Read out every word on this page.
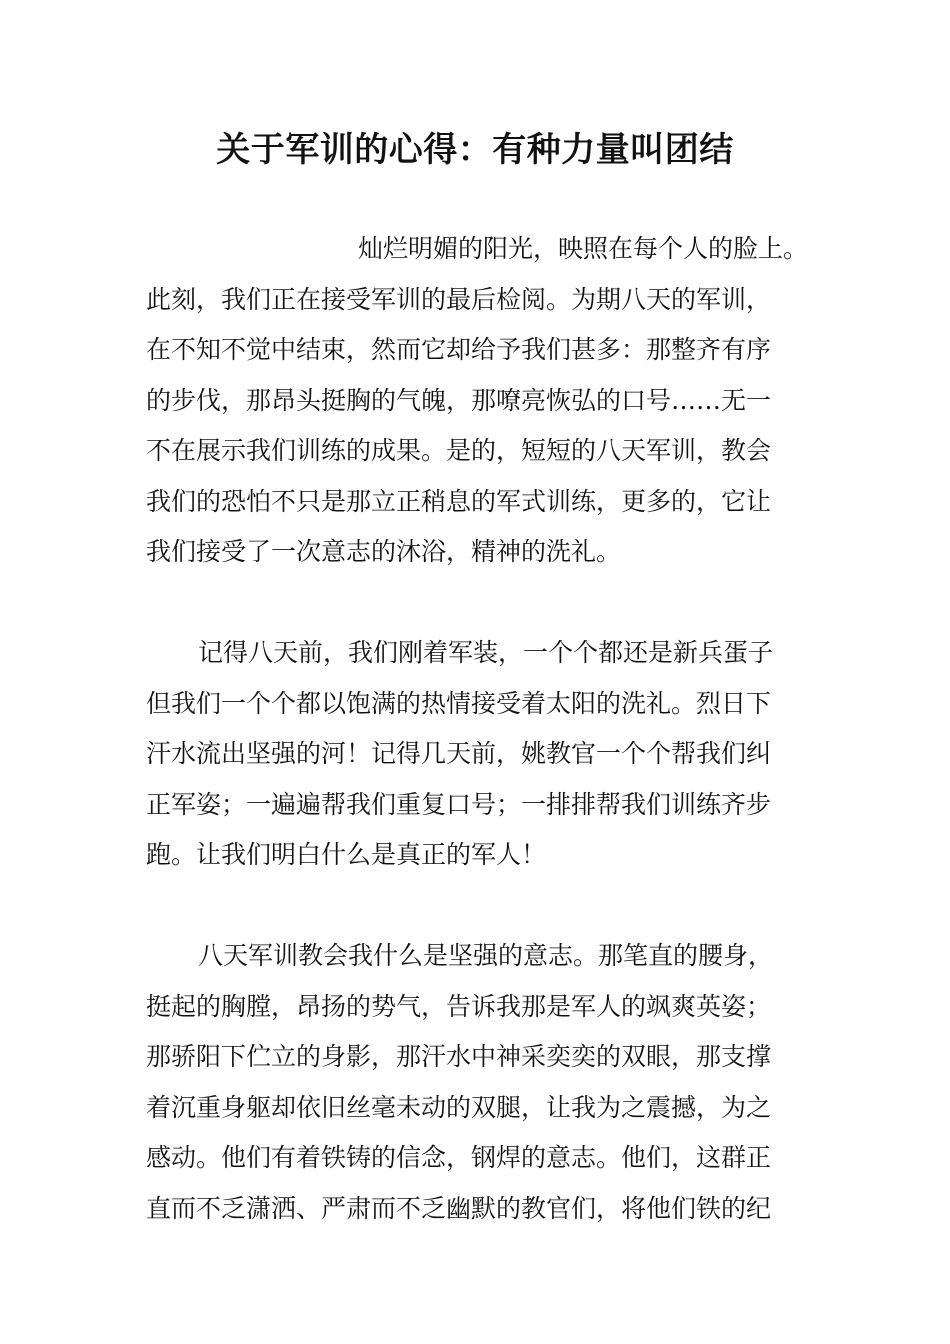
关于军训的心得：有种力量叫团结
灿烂明媚的阳光，映照在每个人的脸上。
此刻，我们正在接受军训的最后检阅。为期八天的军训，
在不知不觉中结束，然而它却给予我们甚多：那整齐有序
的步伐，那昂头挺胸的气魄，那嘹亮恢弘的口号……无一
不在展示我们训练的成果。是的，短短的八天军训，教会
我们的恐怕不只是那立正稍息的军式训练，更多的，它让
我们接受了一次意志的沐浴，精神的洗礼。
记得八天前，我们刚着军装，一个个都还是新兵蛋子
但我们一个个都以饱满的热情接受着太阳的洗礼。烈日下
汗水流出坚强的河！记得几天前，姚教官一个个帮我们纠
正军姿；一遍遍帮我们重复口号；一排排帮我们训练齐步
跑。让我们明白什么是真正的军人！
八天军训教会我什么是坚强的意志。那笔直的腰身，
挺起的胸膛，昂扬的势气，告诉我那是军人的飒爽英姿；
那骄阳下伫立的身影，那汗水中神采奕奕的双眼，那支撑
着沉重身躯却依旧丝毫未动的双腿，让我为之震撼，为之
感动。他们有着铁铸的信念，钢焊的意志。他们，这群正
直而不乏潇洒、严肃而不乏幽默的教官们，将他们铁的纪
